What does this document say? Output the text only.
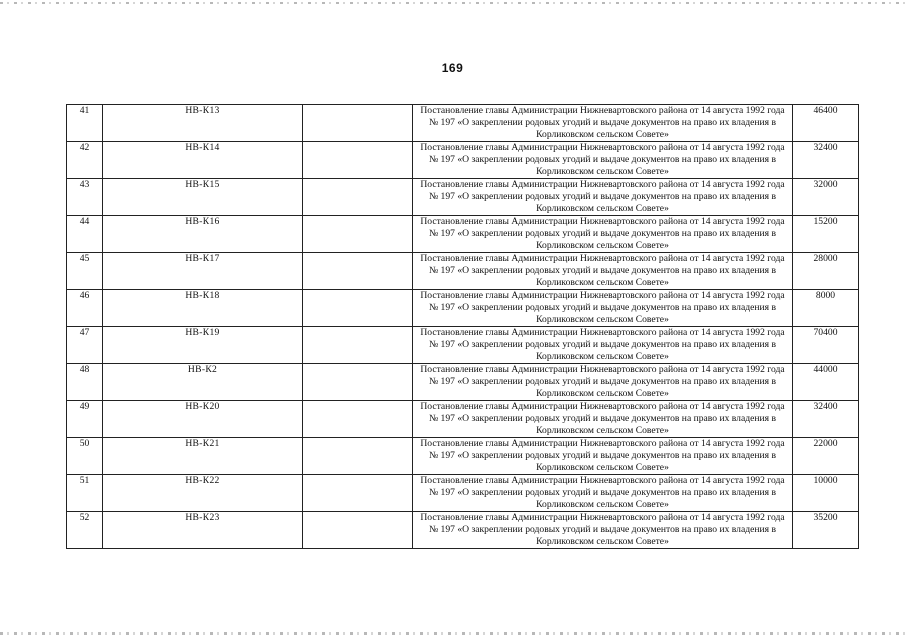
169
41	НВ-К13		Постановление главы Администрации Нижневартовского района от 14 августа 1992 года № 197 «О закреплении родовых угодий и выдаче документов на право их владения в Корликовском сельском Совете»	46400
42	НВ-К14		Постановление главы Администрации Нижневартовского района от 14 августа 1992 года № 197 «О закреплении родовых угодий и выдаче документов на право их владения в Корликовском сельском Совете»	32400
43	НВ-К15		Постановление главы Администрации Нижневартовского района от 14 августа 1992 года № 197 «О закреплении родовых угодий и выдаче документов на право их владения в Корликовском сельском Совете»	32000
44	НВ-К16		Постановление главы Администрации Нижневартовского района от 14 августа 1992 года № 197 «О закреплении родовых угодий и выдаче документов на право их владения в Корликовском сельском Совете»	15200
45	НВ-К17		Постановление главы Администрации Нижневартовского района от 14 августа 1992 года № 197 «О закреплении родовых угодий и выдаче документов на право их владения в Корликовском сельском Совете»	28000
46	НВ-К18		Постановление главы Администрации Нижневартовского района от 14 августа 1992 года № 197 «О закреплении родовых угодий и выдаче документов на право их владения в Корликовском сельском Совете»	8000
47	НВ-К19		Постановление главы Администрации Нижневартовского района от 14 августа 1992 года № 197 «О закреплении родовых угодий и выдаче документов на право их владения в Корликовском сельском Совете»	70400
48	НВ-К2		Постановление главы Администрации Нижневартовского района от 14 августа 1992 года № 197 «О закреплении родовых угодий и выдаче документов на право их владения в Корликовском сельском Совете»	44000
49	НВ-К20		Постановление главы Администрации Нижневартовского района от 14 августа 1992 года № 197 «О закреплении родовых угодий и выдаче документов на право их владения в Корликовском сельском Совете»	32400
50	НВ-К21		Постановление главы Администрации Нижневартовского района от 14 августа 1992 года № 197 «О закреплении родовых угодий и выдаче документов на право их владения в Корликовском сельском Совете»	22000
51	НВ-К22		Постановление главы Администрации Нижневартовского района от 14 августа 1992 года № 197 «О закреплении родовых угодий и выдаче документов на право их владения в Корликовском сельском Совете»	10000
52	НВ-К23		Постановление главы Администрации Нижневартовского района от 14 августа 1992 года № 197 «О закреплении родовых угодий и выдаче документов на право их владения в Корликовском сельском Совете»	35200
